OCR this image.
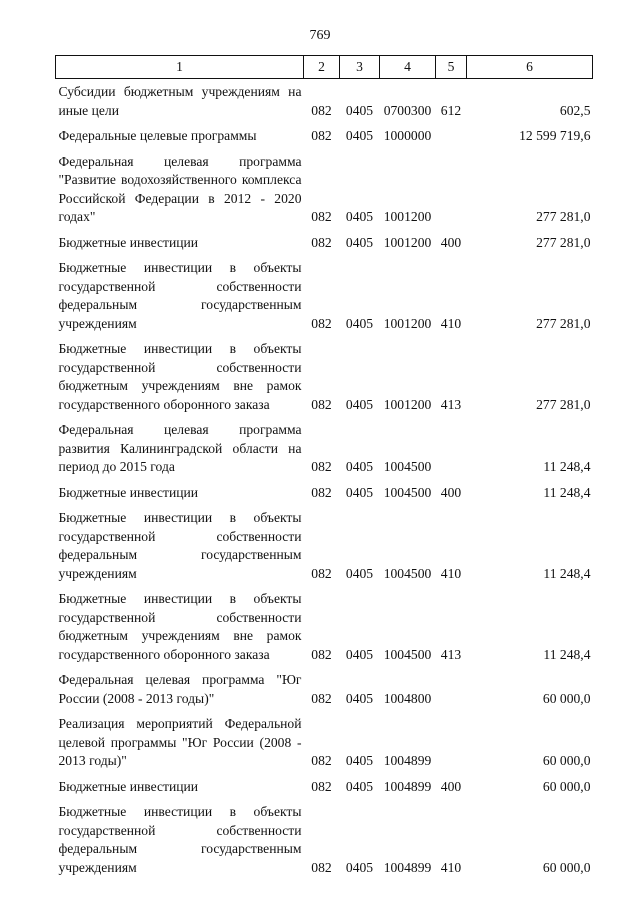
769
1	2	3	4	5	6
Субсидии бюджетным учреждениям на иные цели	082	0405	0700300	612	602,5
Федеральные целевые программы	082	0405	1000000		12 599 719,6
Федеральная целевая программа "Развитие водохозяйственного комплекса Российской Федерации в 2012 - 2020 годах"	082	0405	1001200		277 281,0
Бюджетные инвестиции	082	0405	1001200	400	277 281,0
Бюджетные инвестиции в объекты государственной собственности федеральным государственным учреждениям	082	0405	1001200	410	277 281,0
Бюджетные инвестиции в объекты государственной собственности бюджетным учреждениям вне рамок государственного оборонного заказа	082	0405	1001200	413	277 281,0
Федеральная целевая программа развития Калининградской области на период до 2015 года	082	0405	1004500		11 248,4
Бюджетные инвестиции	082	0405	1004500	400	11 248,4
Бюджетные инвестиции в объекты государственной собственности федеральным государственным учреждениям	082	0405	1004500	410	11 248,4
Бюджетные инвестиции в объекты государственной собственности бюджетным учреждениям вне рамок государственного оборонного заказа	082	0405	1004500	413	11 248,4
Федеральная целевая программа "Юг России (2008 - 2013 годы)"	082	0405	1004800		60 000,0
Реализация мероприятий Федеральной целевой программы "Юг России (2008 - 2013 годы)"	082	0405	1004899		60 000,0
Бюджетные инвестиции	082	0405	1004899	400	60 000,0
Бюджетные инвестиции в объекты государственной собственности федеральным государственным учреждениям	082	0405	1004899	410	60 000,0
